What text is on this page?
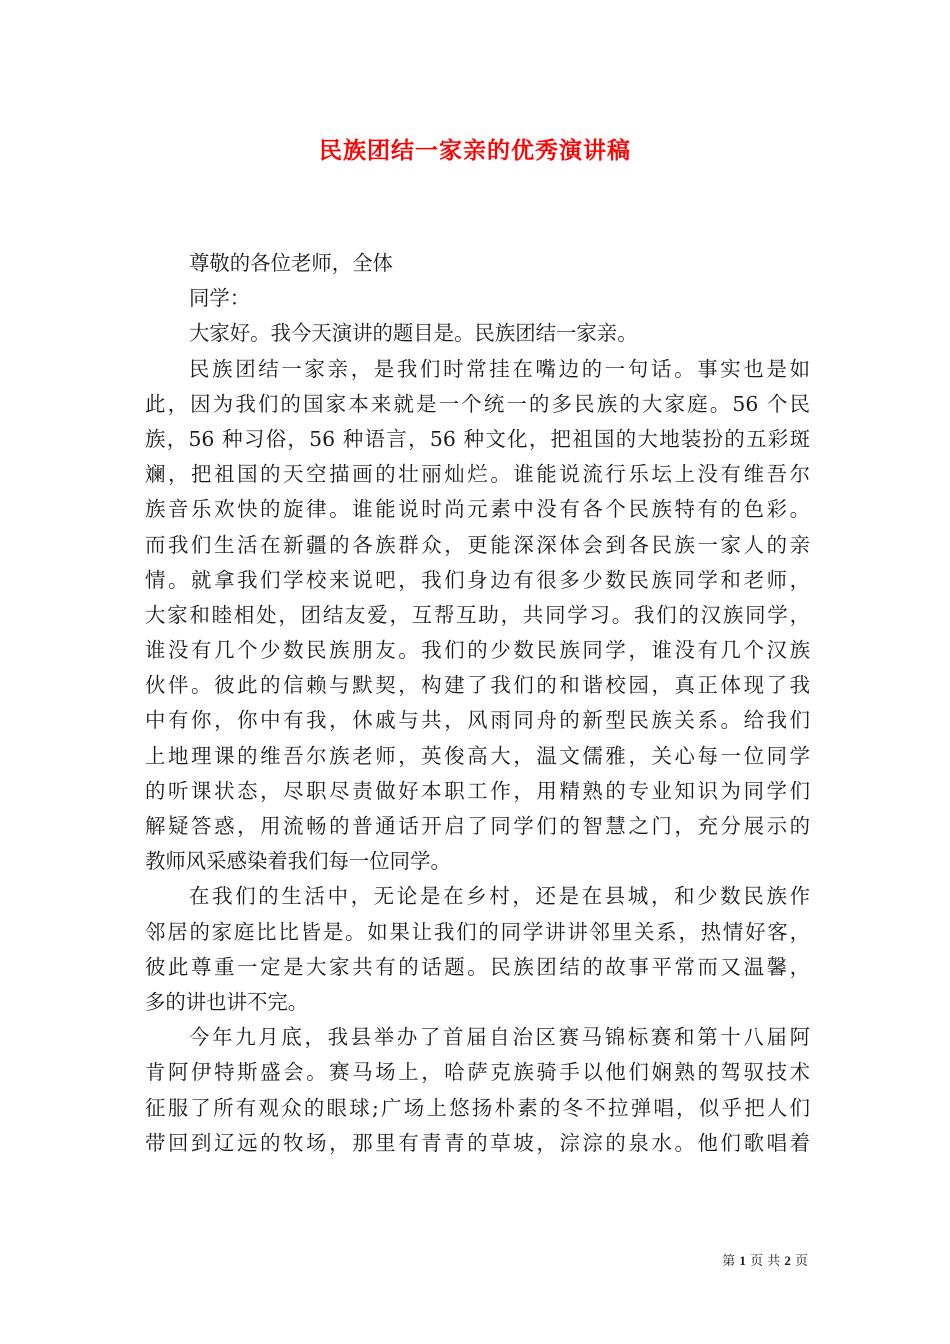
民族团结一家亲的优秀演讲稿
尊敬的各位老师，全体
同学：
大家好。我今天演讲的题目是。民族团结一家亲。
民族团结一家亲，是我们时常挂在嘴边的一句话。事实也是如
此，因为我们的国家本来就是一个统一的多民族的大家庭。56 个民
族，56 种习俗，56 种语言，56 种文化，把祖国的大地装扮的五彩斑
斓，把祖国的天空描画的壮丽灿烂。谁能说流行乐坛上没有维吾尔
族音乐欢快的旋律。谁能说时尚元素中没有各个民族特有的色彩。
而我们生活在新疆的各族群众，更能深深体会到各民族一家人的亲
情。就拿我们学校来说吧，我们身边有很多少数民族同学和老师，
大家和睦相处，团结友爱，互帮互助，共同学习。我们的汉族同学，
谁没有几个少数民族朋友。我们的少数民族同学，谁没有几个汉族
伙伴。彼此的信赖与默契，构建了我们的和谐校园，真正体现了我
中有你，你中有我，休戚与共，风雨同舟的新型民族关系。给我们
上地理课的维吾尔族老师，英俊高大，温文儒雅，关心每一位同学
的听课状态，尽职尽责做好本职工作，用精熟的专业知识为同学们
解疑答惑，用流畅的普通话开启了同学们的智慧之门，充分展示的
教师风采感染着我们每一位同学。
在我们的生活中，无论是在乡村，还是在县城，和少数民族作
邻居的家庭比比皆是。如果让我们的同学讲讲邻里关系，热情好客，
彼此尊重一定是大家共有的话题。民族团结的故事平常而又温馨，
多的讲也讲不完。
今年九月底，我县举办了首届自治区赛马锦标赛和第十八届阿
肯阿伊特斯盛会。赛马场上，哈萨克族骑手以他们娴熟的驾驭技术
征服了所有观众的眼球;广场上悠扬朴素的冬不拉弹唱，似乎把人们
带回到辽远的牧场，那里有青青的草坡，淙淙的泉水。他们歌唱着
第 1 页 共 2 页
